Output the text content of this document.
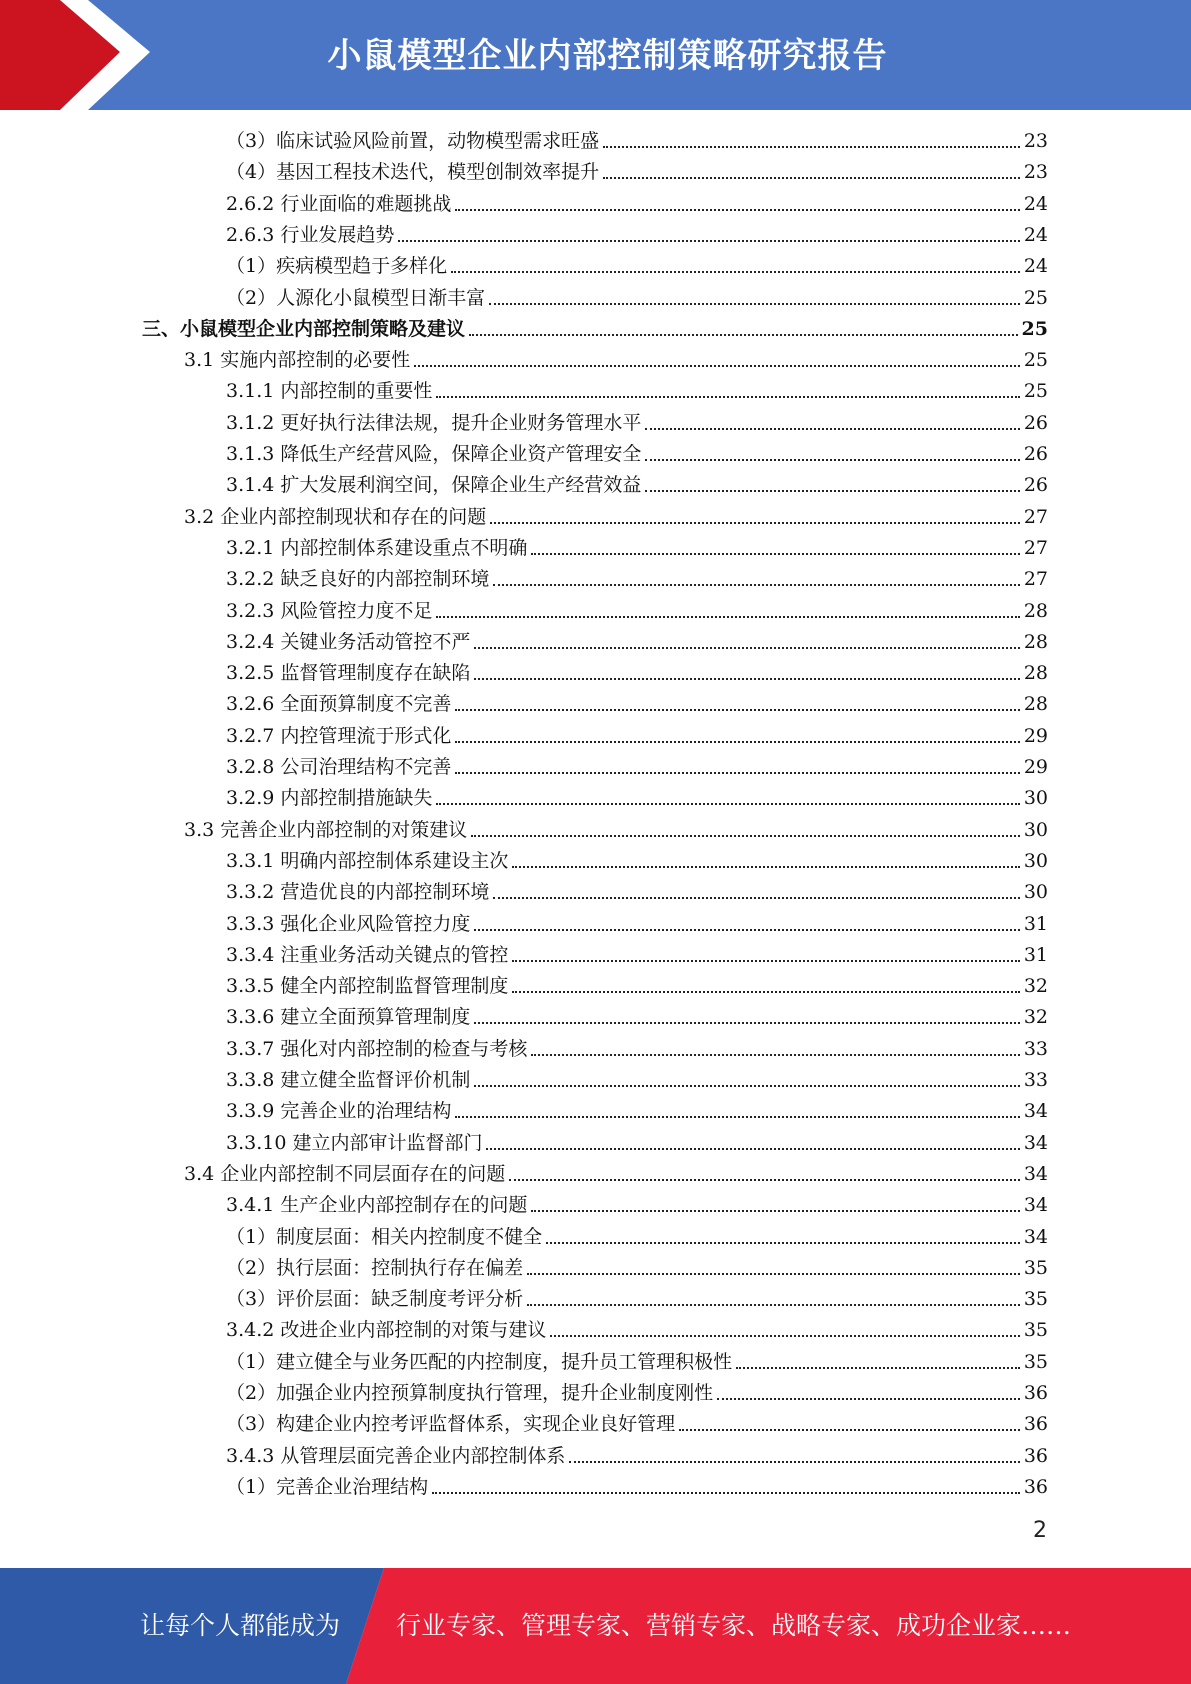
小鼠模型企业内部控制策略研究报告
（3）临床试验风险前置，动物模型需求旺盛	23
（4）基因工程技术迭代，模型创制效率提升	23
2.6.2 行业面临的难题挑战	24
2.6.3 行业发展趋势	24
（1）疾病模型趋于多样化	24
（2）人源化小鼠模型日渐丰富	25
三、小鼠模型企业内部控制策略及建议	25
3.1 实施内部控制的必要性	25
3.1.1 内部控制的重要性	25
3.1.2 更好执行法律法规，提升企业财务管理水平	26
3.1.3 降低生产经营风险，保障企业资产管理安全	26
3.1.4 扩大发展利润空间，保障企业生产经营效益	26
3.2 企业内部控制现状和存在的问题	27
3.2.1 内部控制体系建设重点不明确	27
3.2.2 缺乏良好的内部控制环境	27
3.2.3 风险管控力度不足	28
3.2.4 关键业务活动管控不严	28
3.2.5 监督管理制度存在缺陷	28
3.2.6 全面预算制度不完善	28
3.2.7 内控管理流于形式化	29
3.2.8 公司治理结构不完善	29
3.2.9 内部控制措施缺失	30
3.3 完善企业内部控制的对策建议	30
3.3.1 明确内部控制体系建设主次	30
3.3.2 营造优良的内部控制环境	30
3.3.3 强化企业风险管控力度	31
3.3.4 注重业务活动关键点的管控	31
3.3.5 健全内部控制监督管理制度	32
3.3.6 建立全面预算管理制度	32
3.3.7 强化对内部控制的检查与考核	33
3.3.8 建立健全监督评价机制	33
3.3.9 完善企业的治理结构	34
3.3.10 建立内部审计监督部门	34
3.4 企业内部控制不同层面存在的问题	34
3.4.1 生产企业内部控制存在的问题	34
（1）制度层面：相关内控制度不健全	34
（2）执行层面：控制执行存在偏差	35
（3）评价层面：缺乏制度考评分析	35
3.4.2 改进企业内部控制的对策与建议	35
（1）建立健全与业务匹配的内控制度，提升员工管理积极性	35
（2）加强企业内控预算制度执行管理，提升企业制度刚性	36
（3）构建企业内控考评监督体系，实现企业良好管理	36
3.4.3 从管理层面完善企业内部控制体系	36
（1）完善企业治理结构	36
2
让每个人都能成为 行业专家、管理专家、营销专家、战略专家、成功企业家……
